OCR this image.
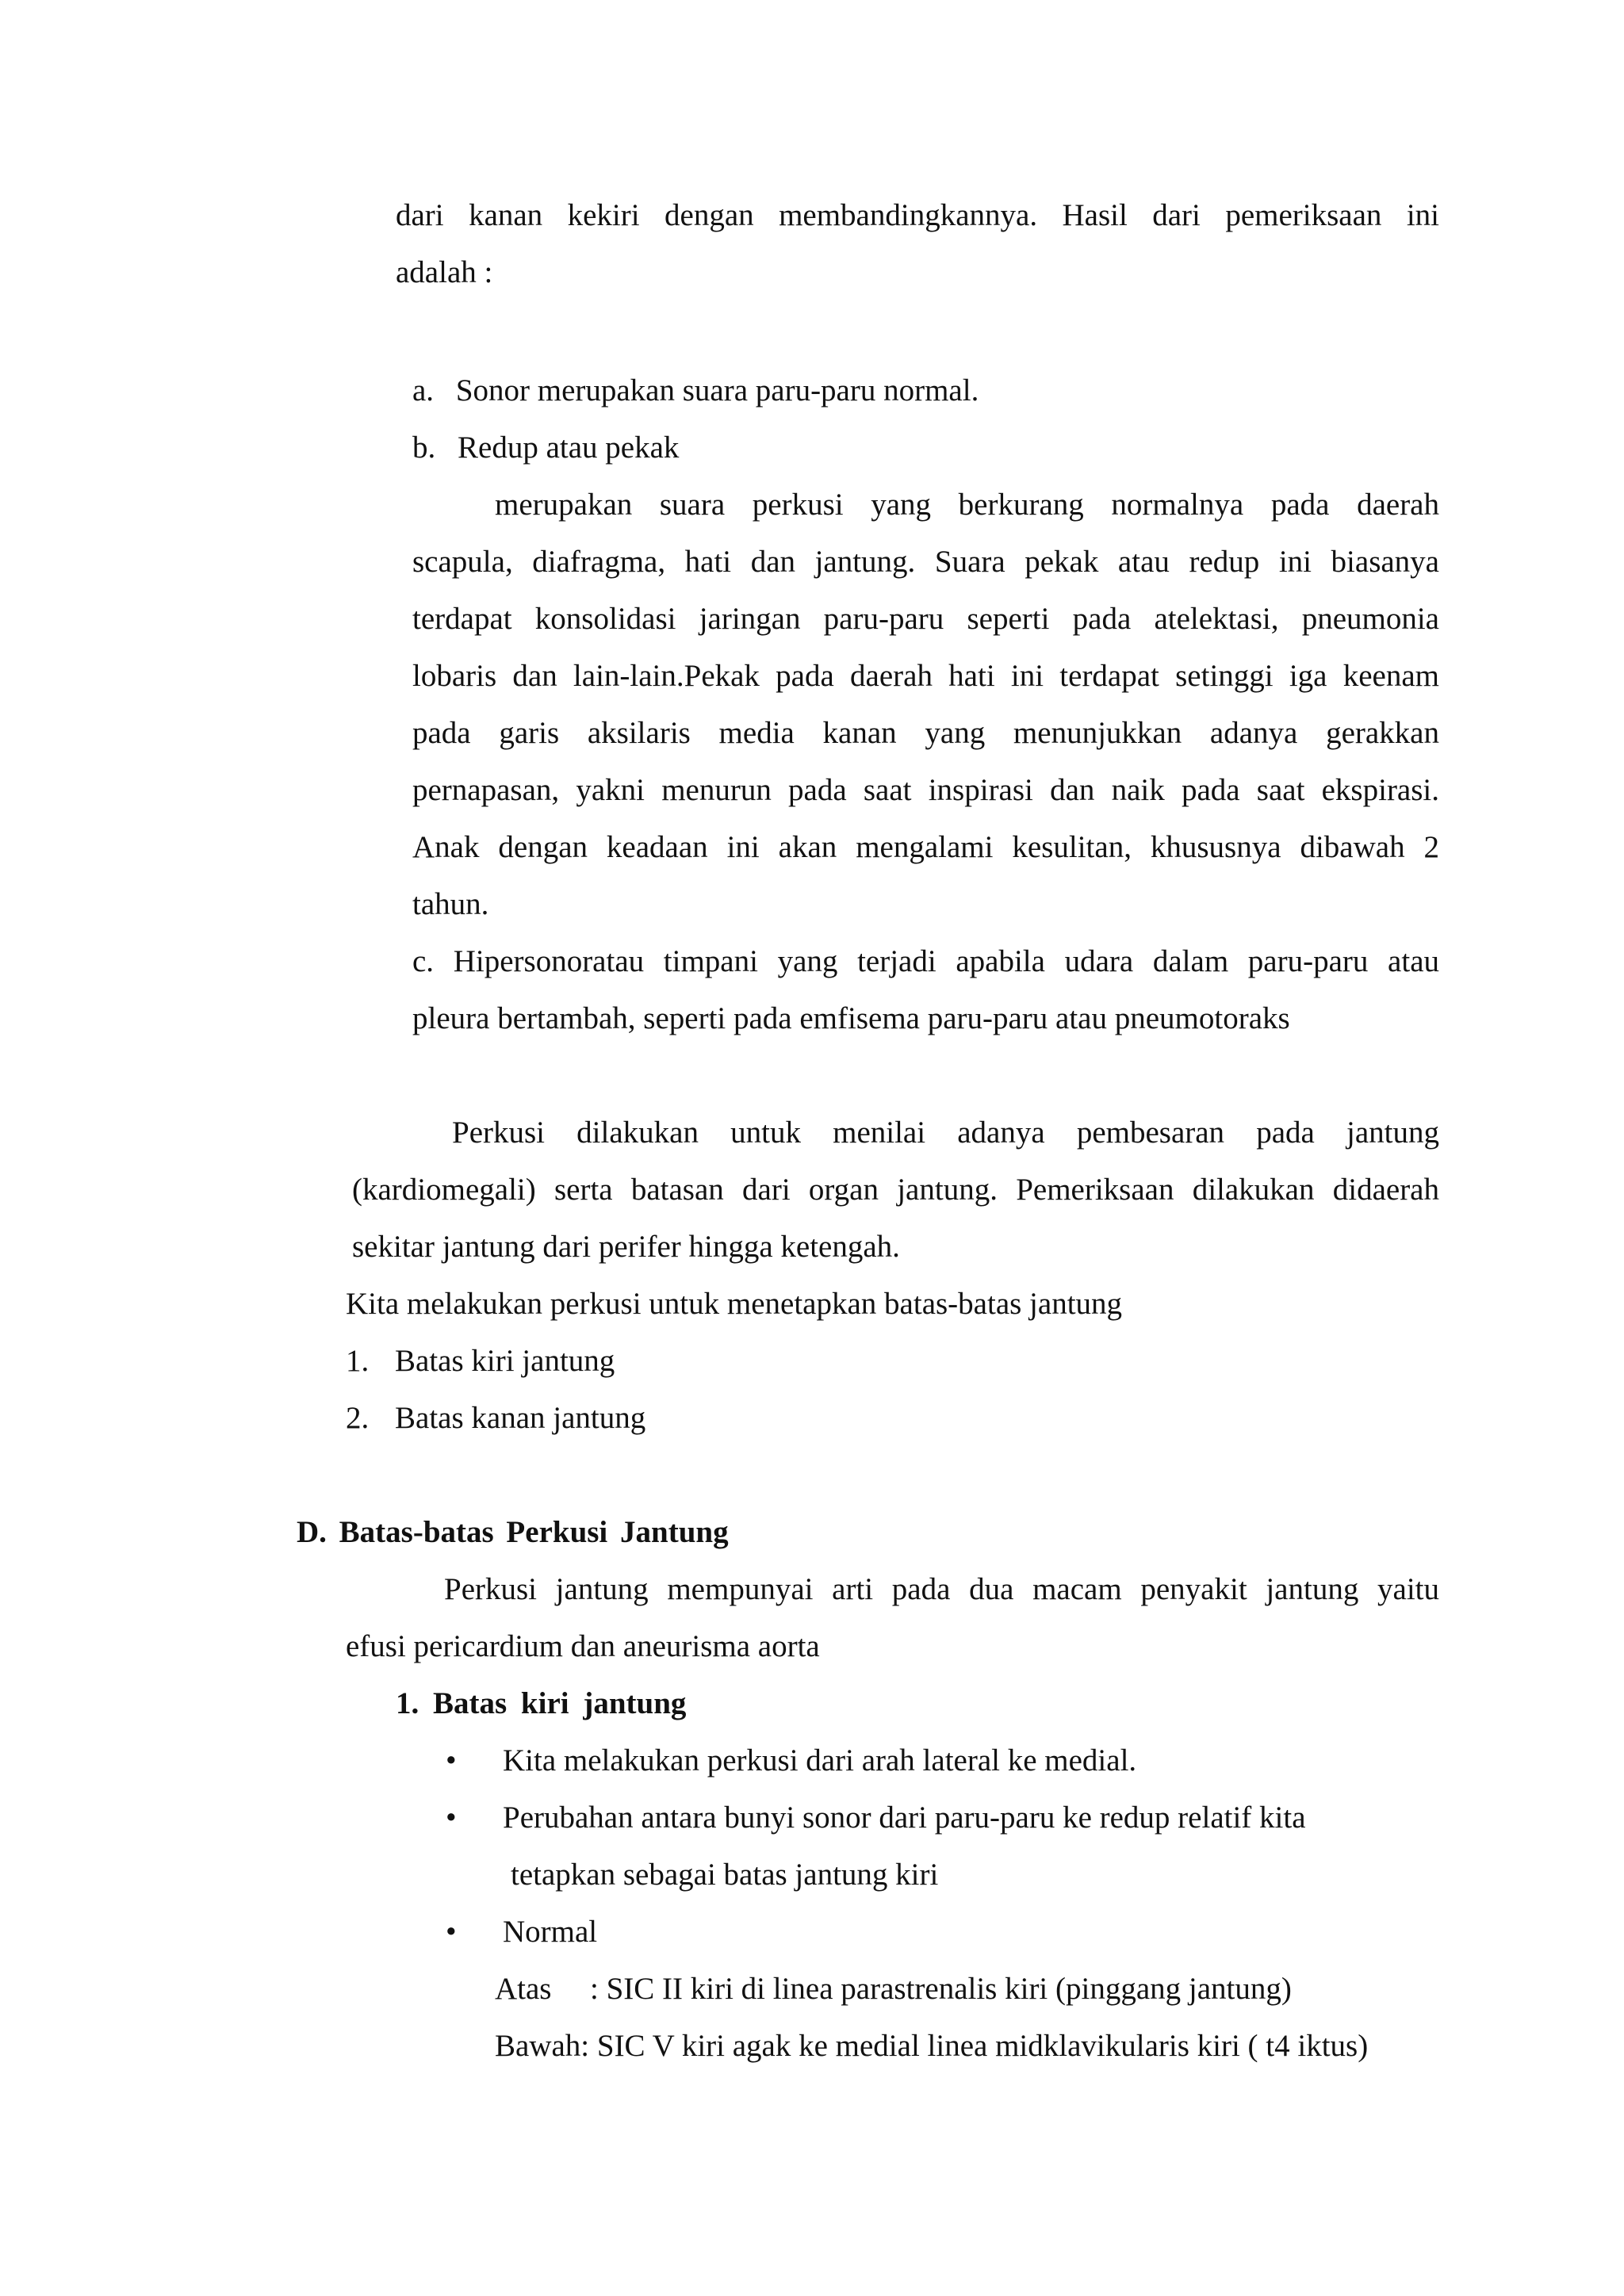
dari kanan kekiri dengan membandingkannya. Hasil dari pemeriksaan ini
adalah :
a. Sonor merupakan suara paru-paru normal.
b. Redup atau pekak
merupakan suara perkusi yang berkurang normalnya pada daerah
scapula, diafragma, hati dan jantung. Suara pekak atau redup ini biasanya
terdapat konsolidasi jaringan paru-paru seperti pada atelektasi, pneumonia
lobaris dan lain-lain.Pekak pada daerah hati ini terdapat setinggi iga keenam
pada garis aksilaris media kanan yang menunjukkan adanya gerakkan
pernapasan, yakni menurun pada saat inspirasi dan naik pada saat ekspirasi.
Anak dengan keadaan ini akan mengalami kesulitan, khususnya dibawah 2
tahun.
c. Hipersonoratau timpani yang terjadi apabila udara dalam paru-paru atau
pleura bertambah, seperti pada emfisema paru-paru atau pneumotoraks
Perkusi dilakukan untuk menilai adanya pembesaran pada jantung
(kardiomegali) serta batasan dari organ jantung. Pemeriksaan dilakukan didaerah
sekitar jantung dari perifer hingga ketengah.
Kita melakukan perkusi untuk menetapkan batas-batas jantung
1. Batas kiri jantung
2. Batas kanan jantung
D. Batas-batas Perkusi Jantung
Perkusi jantung mempunyai arti pada dua macam penyakit jantung yaitu
efusi pericardium dan aneurisma aorta
1. Batas kiri jantung
• Kita melakukan perkusi dari arah lateral ke medial.
• Perubahan antara bunyi sonor dari paru-paru ke redup relatif kita
tetapkan sebagai batas jantung kiri
• Normal
Atas : SIC II kiri di linea parastrenalis kiri (pinggang jantung)
Bawah: SIC V kiri agak ke medial linea midklavikularis kiri ( t4 iktus)
